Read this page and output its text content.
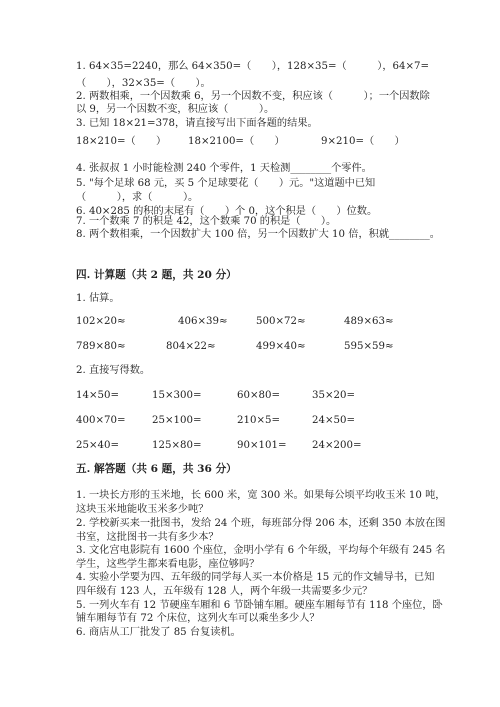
1. 64×35=2240，那么 64×350=（　　），128×35=（　　　），64×7=
（　　），32×35=（　　）。
2. 两数相乘，一个因数乘 6，另一个因数不变，积应该（　　　）；一个因数除
以 9，另一个因数不变，积应该（　　　）。
3. 已知 18×21=378，请直接写出下面各题的结果。
18×210=（　　） 18×2100=（　　）	9×210=（　　）
4. 张叔叔 1 小时能检测 240 个零件，1 天检测________个零件。
5. "每个足球 68 元，买 5 个足球要花（　　）元。"这道题中已知
（　　　），求（　　　）。
6. 40×285 的积的末尾有（　　）个 0，这个积是（　　）位数。
7. 一个数乘 7 的积是 42，这个数乘 70 的积是（　　）。
8. 两个数相乘，一个因数扩大 100 倍，另一个因数扩大 10 倍，积就________。
四. 计算题（共 2 题，共 20 分）
1. 估算。
102×20≈	406×39≈	500×72≈	489×63≈
789×80≈	804×22≈	499×40≈	595×59≈
2. 直接写得数。
14×50=	15×300=	60×80=	35×20=
400×70=	25×100=	210×5=	24×50=
25×40=	125×80=	90×101=	24×200=
五. 解答题（共 6 题，共 36 分）
1. 一块长方形的玉米地，长 600 米，宽 300 米。如果每公顷平均收玉米 10 吨，
这块玉米地能收玉米多少吨？
2. 学校新买来一批图书，发给 24 个班，每班部分得 206 本，还剩 350 本放在图
书室，这批图书一共有多少本？
3. 文化宫电影院有 1600 个座位，金明小学有 6 个年级，平均每个年级有 245 名
学生，这些学生都来看电影，座位够吗？
4. 实验小学要为四、五年级的同学每人买一本价格是 15 元的作文辅导书，已知
四年级有 123 人，五年级有 128 人，两个年级一共需要多少元？
5. 一列火车有 12 节硬座车厢和 6 节卧铺车厢。硬座车厢每节有 118 个座位，卧
铺车厢每节有 72 个床位，这列火车可以乘坐多少人？
6. 商店从工厂批发了 85 台复读机。
